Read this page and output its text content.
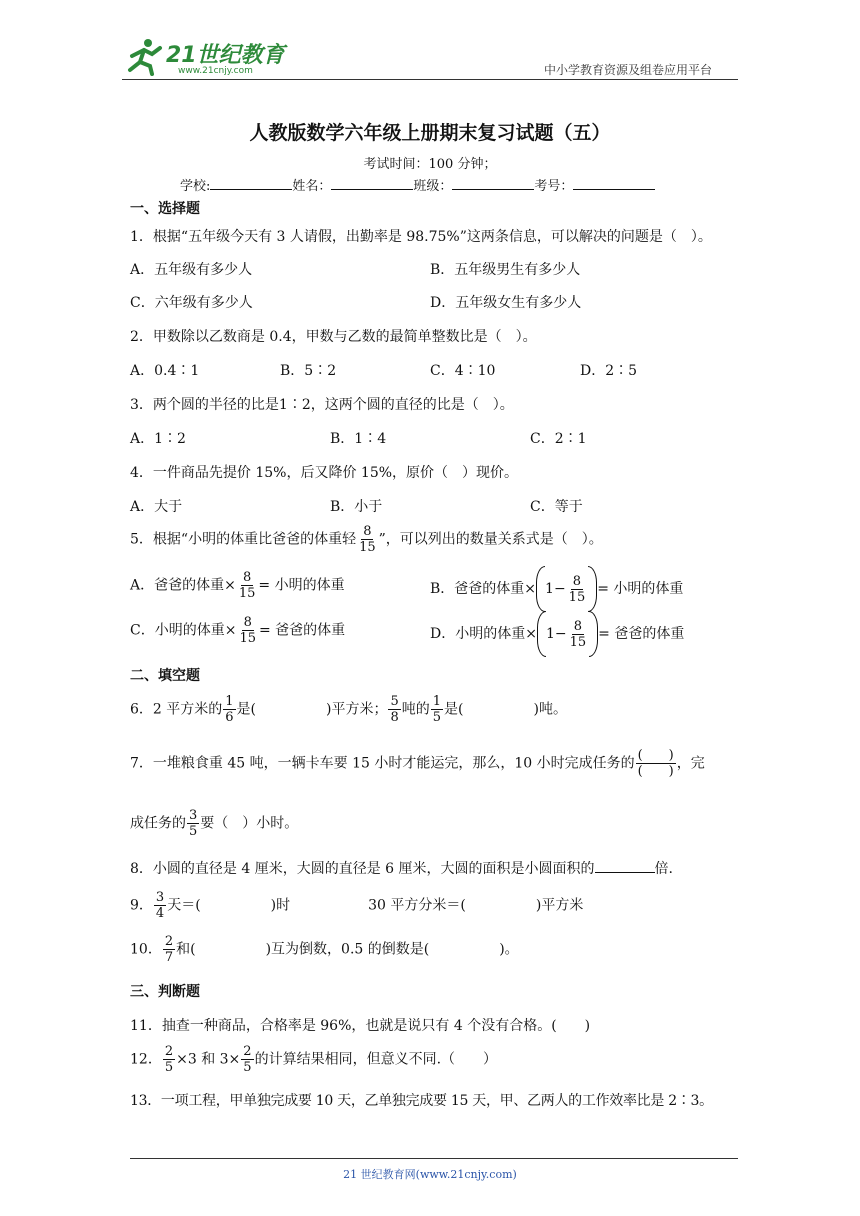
21世纪教育
www.21cnjy.com	中小学教育资源及组卷应用平台
人教版数学六年级上册期末复习试题（五）
考试时间：100 分钟；
学校:	姓名：	班级：	考号：
一、选择题
1．根据“五年级今天有 3 人请假，出勤率是 98.75%”这两条信息，可以解决的问题是（　）。
A．五年级有多少人	B．五年级男生有多少人
C．六年级有多少人	D．五年级女生有多少人
2．甲数除以乙数商是 0.4，甲数与乙数的最简单整数比是（　）。
A．0.4∶1	B．5∶2	C．4∶10	D．2∶5
3．两个圆的半径的比是1∶2，这两个圆的直径的比是（　）。
A．1∶2	B．1∶4	C．2∶1
4．一件商品先提价 15%，后又降价 15%，原价（　）现价。
A．大于	B．小于	C．等于
5．根据“小明的体重比爸爸的体重轻 $\frac{8}{15}$ ”，可以列出的数量关系式是（　）。
A．爸爸的体重× $\frac{8}{15}$ = 小明的体重	B．爸爸的体重× $1- \frac{8}{15}$ = 小明的体重
C．小明的体重× $\frac{8}{15}$ = 爸爸的体重	D．小明的体重× $1- \frac{8}{15}$ = 爸爸的体重
二、填空题
6．2 平方米的 $\frac{1}{6}$ 是(　　　　　)平方米； $\frac{5}{8}$ 吨的 $\frac{1}{5}$ 是(　　　　　)吨。
7．一堆粮食重 45 吨，一辆卡车要 15 小时才能运完，那么，10 小时完成任务的 $\frac{( )}{( )}$ ，完
成任务的 $\frac{3}{5}$ 要（　）小时。
8．小圆的直径是 4 厘米，大圆的直径是 6 厘米，大圆的面积是小圆面积的	倍.
9． $\frac{3}{4}$ 天＝(　　　　　)时	30 平方分米＝(　　　　　)平方米
10． $\frac{2}{7}$ 和(　　　　　)互为倒数，0.5 的倒数是(　　　　　)。
三、判断题
11．抽查一种商品，合格率是 96%，也就是说只有 4 个没有合格。(　　)
12． $\frac{2}{5} \times 3$ 和 $3\times \frac{2}{5}$ 的计算结果相同，但意义不同.（　　）
13．一项工程，甲单独完成要 10 天，乙单独完成要 15 天，甲、乙两人的工作效率比是 2∶3。
21 世纪教育网(www.21cnjy.com)
